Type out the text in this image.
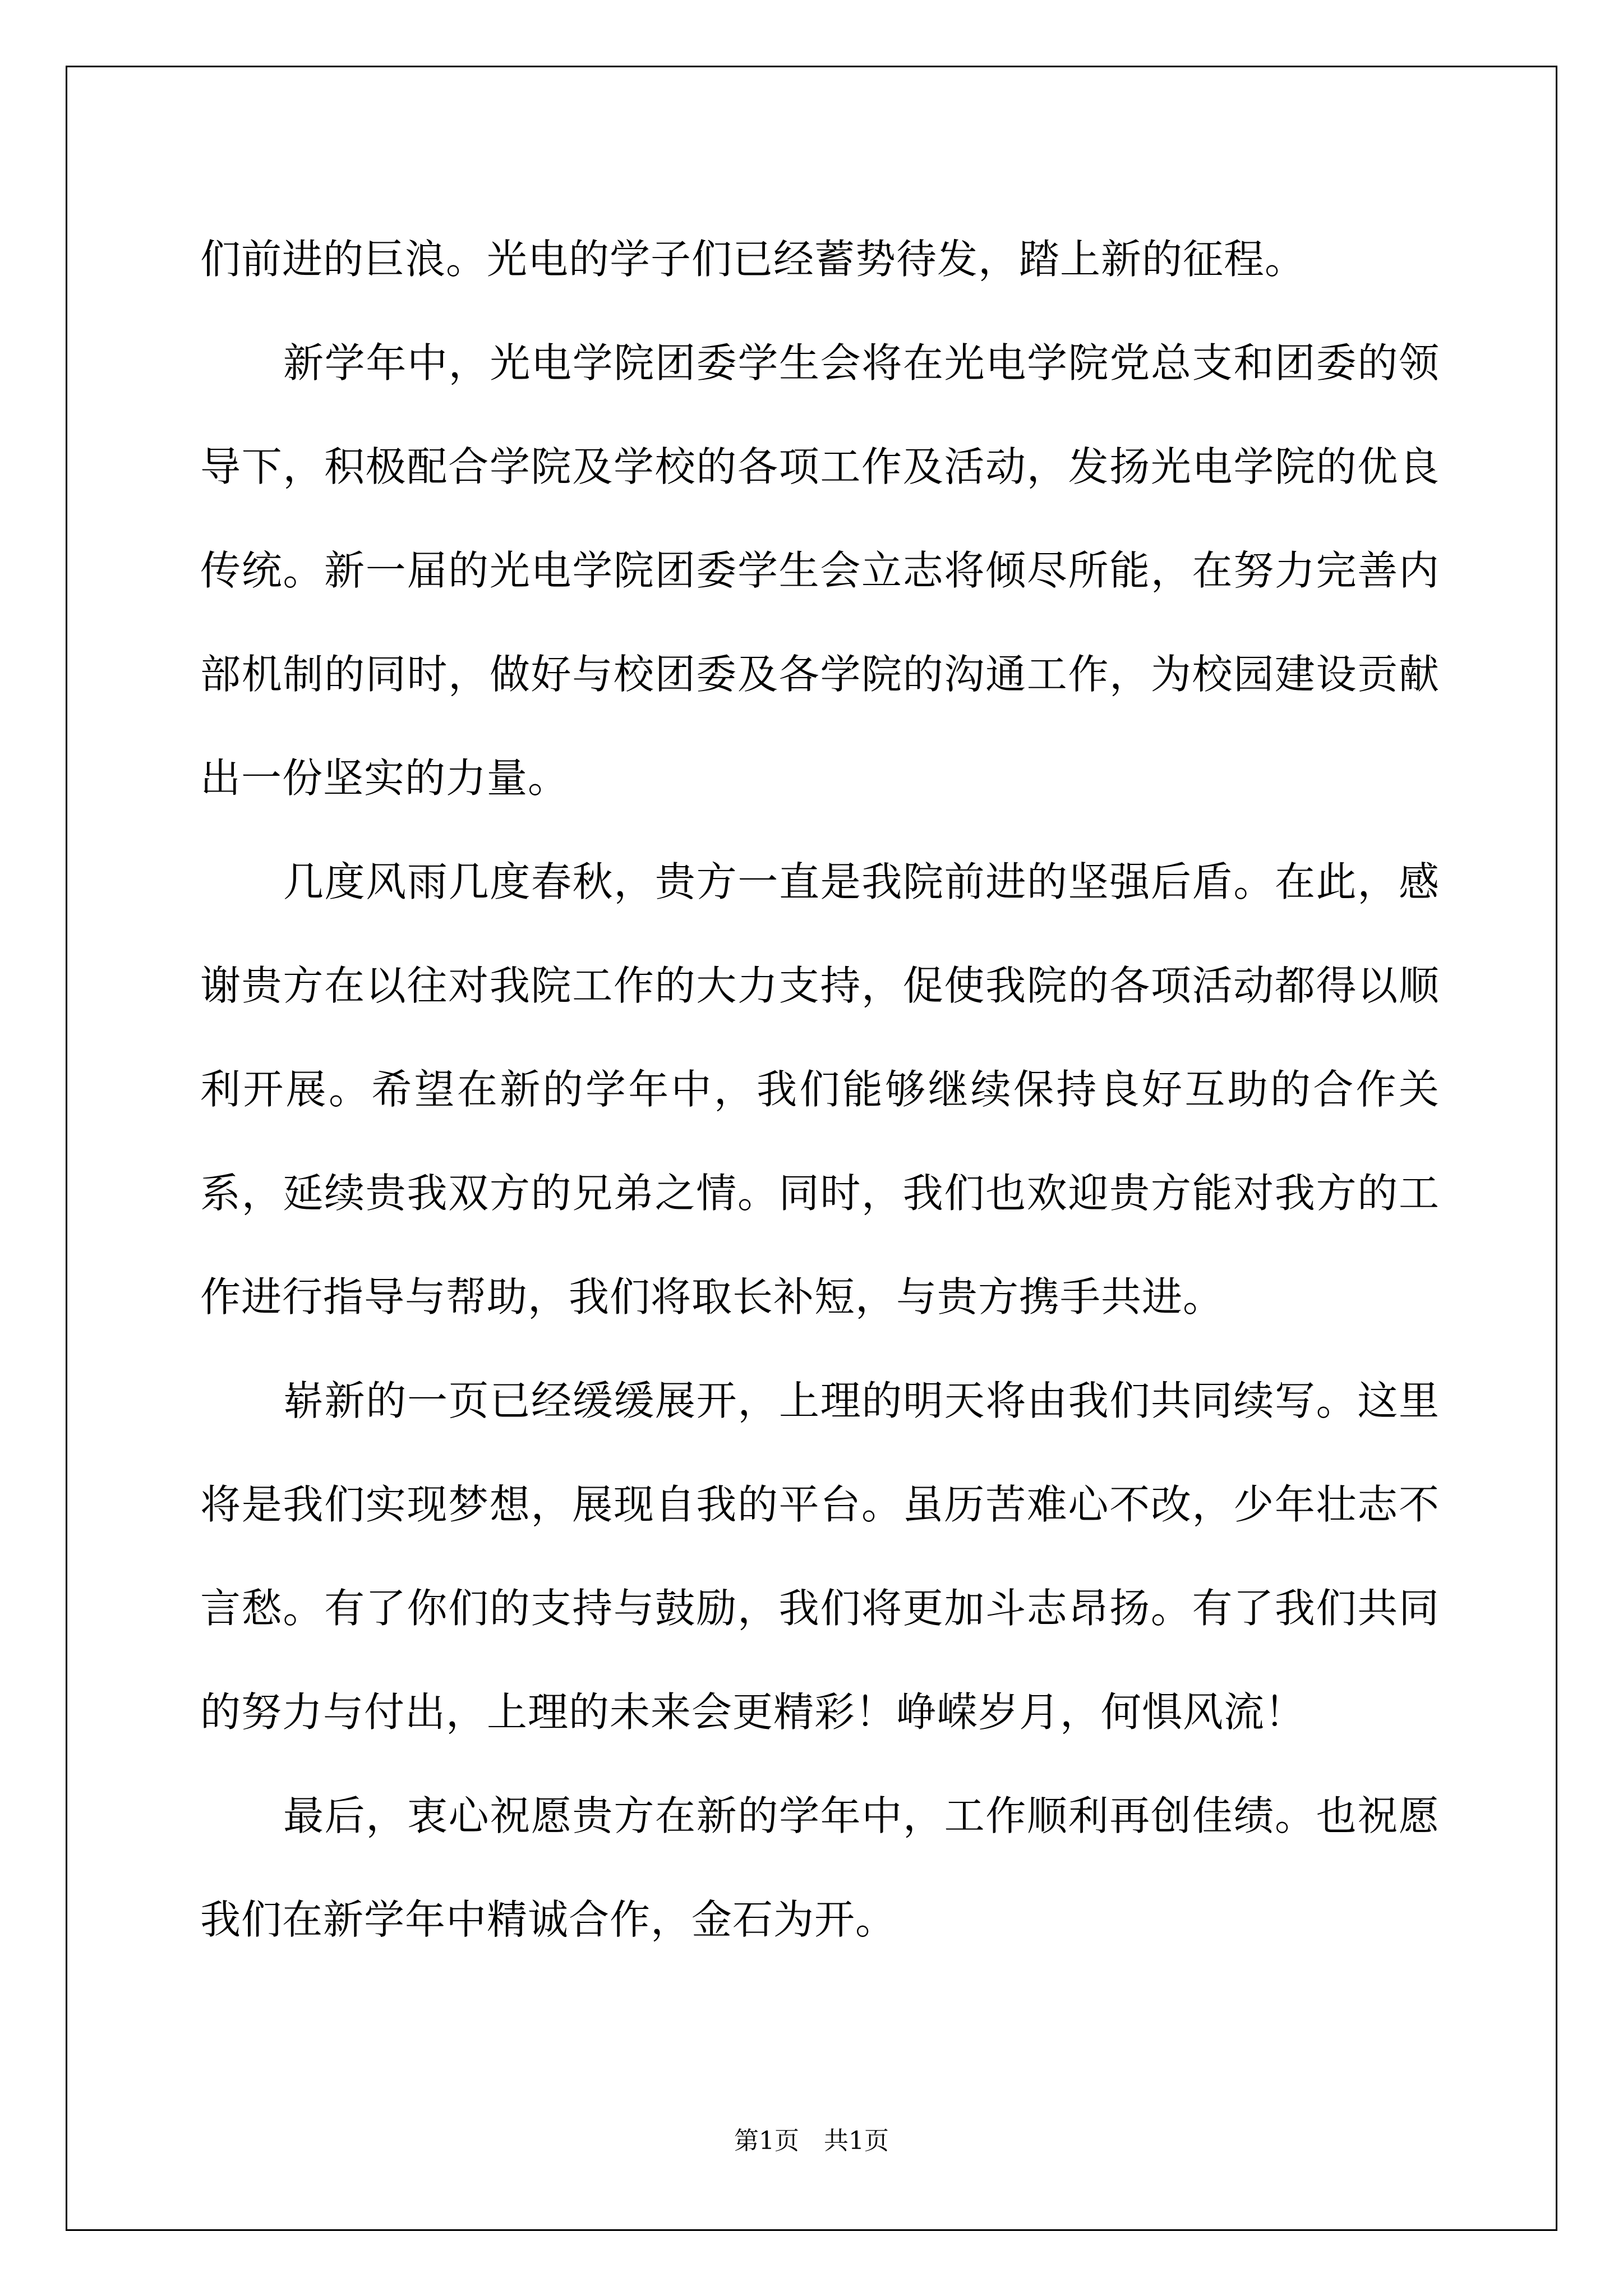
们前进的巨浪。光电的学子们已经蓄势待发，踏上新的征程。

新学年中，光电学院团委学生会将在光电学院党总支和团委的领导下，积极配合学院及学校的各项工作及活动，发扬光电学院的优良传统。新一届的光电学院团委学生会立志将倾尽所能，在努力完善内部机制的同时，做好与校团委及各学院的沟通工作，为校园建设贡献出一份坚实的力量。

几度风雨几度春秋，贵方一直是我院前进的坚强后盾。在此，感谢贵方在以往对我院工作的大力支持，促使我院的各项活动都得以顺利开展。希望在新的学年中，我们能够继续保持良好互助的合作关系，延续贵我双方的兄弟之情。同时，我们也欢迎贵方能对我方的工作进行指导与帮助，我们将取长补短，与贵方携手共进。

崭新的一页已经缓缓展开，上理的明天将由我们共同续写。这里将是我们实现梦想，展现自我的平台。虽历苦难心不改，少年壮志不言愁。有了你们的支持与鼓励，我们将更加斗志昂扬。有了我们共同的努力与付出，上理的未来会更精彩！峥嵘岁月，何惧风流！

最后，衷心祝愿贵方在新的学年中，工作顺利再创佳绩。也祝愿我们在新学年中精诚合作，金石为开。

第1页　共1页
